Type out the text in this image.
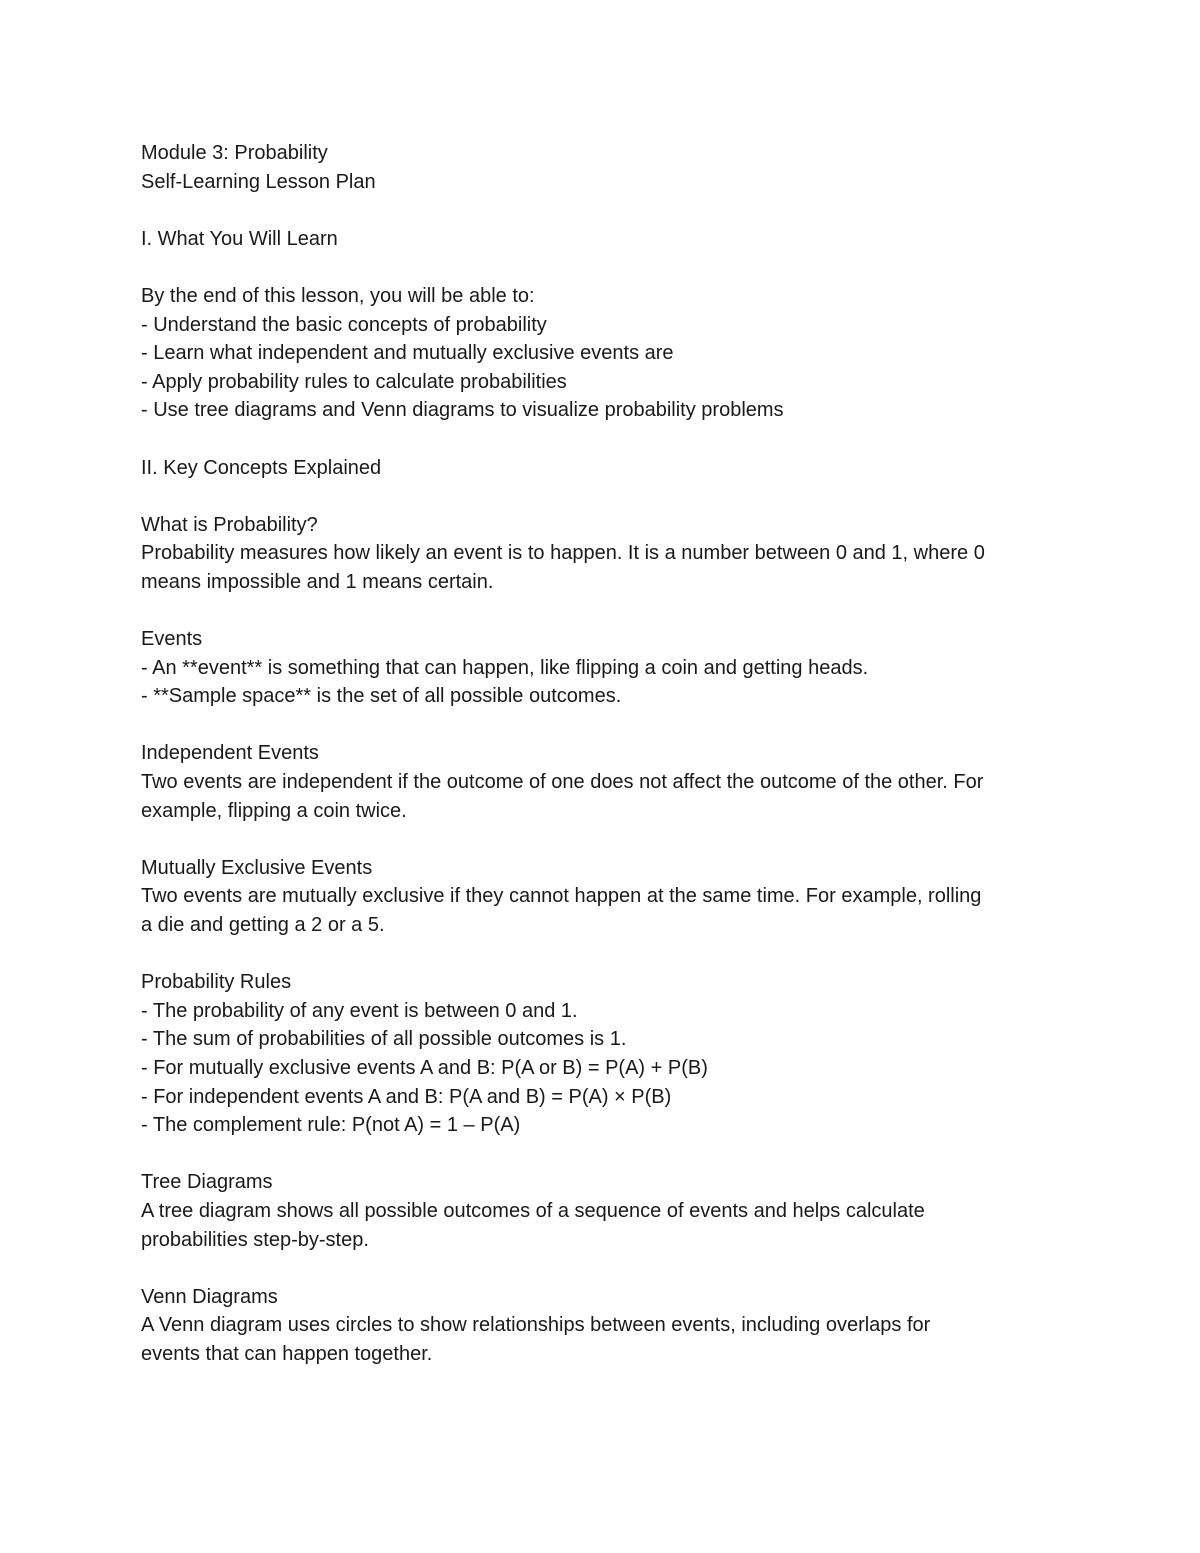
Module 3: Probability

Self-Learning Lesson Plan

I. What You Will Learn

By the end of this lesson, you will be able to:

- Understand the basic concepts of probability

- Learn what independent and mutually exclusive events are

- Apply probability rules to calculate probabilities

- Use tree diagrams and Venn diagrams to visualize probability problems

II. Key Concepts Explained

What is Probability?

Probability measures how likely an event is to happen. It is a number between 0 and 1, where 0

means impossible and 1 means certain.

Events

- An **event** is something that can happen, like flipping a coin and getting heads.

- **Sample space** is the set of all possible outcomes.

Independent Events

Two events are independent if the outcome of one does not affect the outcome of the other. For

example, flipping a coin twice.

Mutually Exclusive Events

Two events are mutually exclusive if they cannot happen at the same time. For example, rolling

a die and getting a 2 or a 5.

Probability Rules

- The probability of any event is between 0 and 1.

- The sum of probabilities of all possible outcomes is 1.

- For mutually exclusive events A and B: P(A or B) = P(A) + P(B)

- For independent events A and B: P(A and B) = P(A) × P(B)

- The complement rule: P(not A) = 1 – P(A)

Tree Diagrams

A tree diagram shows all possible outcomes of a sequence of events and helps calculate

probabilities step-by-step.

Venn Diagrams

A Venn diagram uses circles to show relationships between events, including overlaps for

events that can happen together.
